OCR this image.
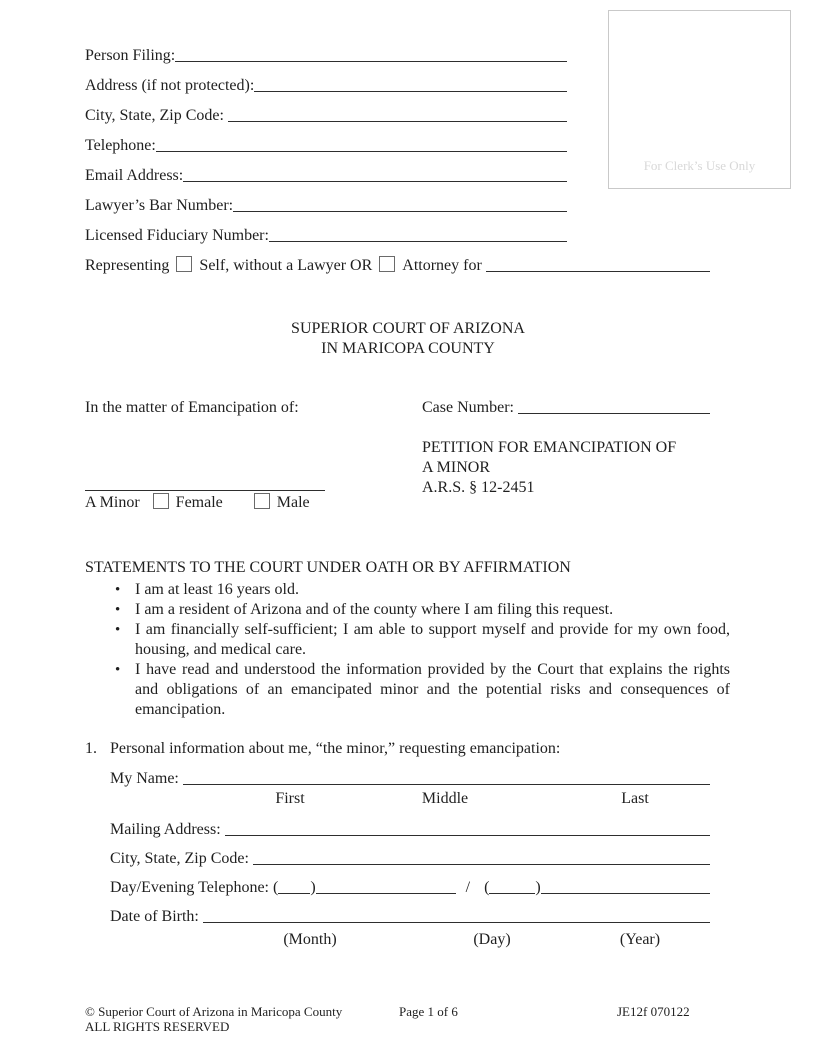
For Clerk’s Use Only
Person Filing:
Address (if not protected):
City, State, Zip Code:
Telephone:
Email Address:
Lawyer’s Bar Number:
Licensed Fiduciary Number:
Representing Self, without a Lawyer OR Attorney for
SUPERIOR COURT OF ARIZONA
IN MARICOPA COUNTY
In the matter of Emancipation of:
A Minor Female	Male
Case Number:
PETITION FOR EMANCIPATION OF
A MINOR
A.R.S. § 12-2451
STATEMENTS TO THE COURT UNDER OATH OR BY AFFIRMATION
• I am at least 16 years old.
• I am a resident of Arizona and of the county where I am filing this request.
• I am financially self-sufficient; I am able to support myself and provide for my own food, housing, and medical care.
• I have read and understood the information provided by the Court that explains the rights and obligations of an emancipated minor and the potential risks and consequences of emancipation.
1. Personal information about me, “the minor,” requesting emancipation:
My Name:
First	Middle	Last
Mailing Address:
City, State, Zip Code:
Day/Evening Telephone: ( )	/ (	)
Date of Birth:
(Month)	(Day)	(Year)
© Superior Court of Arizona in Maricopa County
ALL RIGHTS RESERVED
Page 1 of 6	JE12f 070122
